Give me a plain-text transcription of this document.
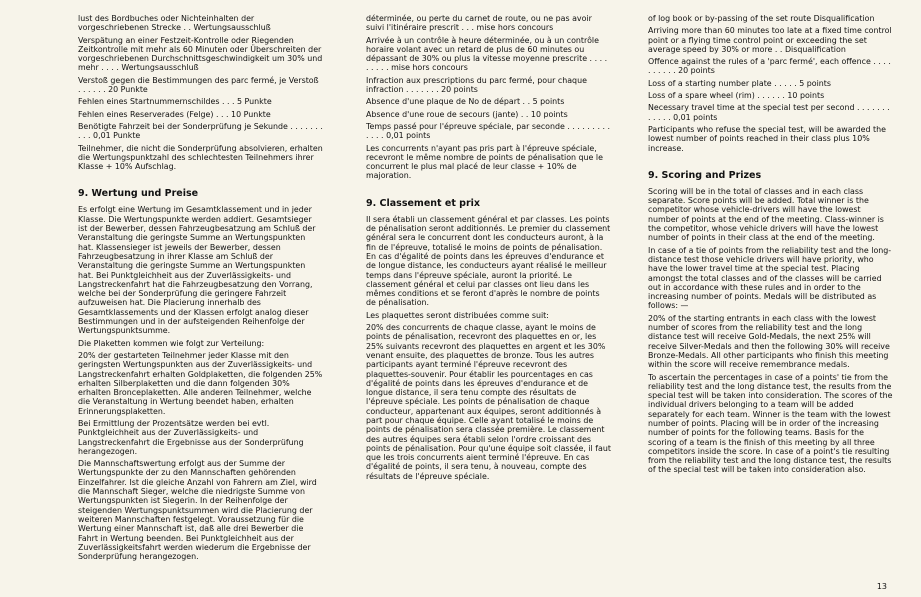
lust des Bordbuches oder Nichteinhalten der vorgeschriebenen Strecke . . Wertungsausschluß

Verspätung an einer Festzeit-Kontrolle oder Riegenden Zeitkontrolle mit mehr als 60 Minuten oder Überschreiten der vorgeschriebenen Durchschnittsgeschwindigkeit um 30% und mehr . . . . Wertungsausschluß

Verstoß gegen die Bestimmungen des parc fermé, je Verstoß . . . . . . 20 Punkte

Fehlen eines Startnummernschildes . . . 5 Punkte

Fehlen eines Reserverades (Felge) . . . 10 Punkte

Benötigte Fahrzeit bei der Sonderprüfung je Sekunde . . . . . . . . . . 0,01 Punkte

Teilnehmer, die nicht die Sonderprüfung absolvieren, erhalten die Wertungspunktzahl des schlechtesten Teilnehmers ihrer Klasse + 10% Aufschlag.

9. Wertung und Preise

Es erfolgt eine Wertung im Gesamtklassement und in jeder Klasse. Die Wertungspunkte werden addiert. Gesamtsieger ist der Bewerber, dessen Fahrzeugbesatzung am Schluß der Veranstaltung die geringste Summe an Wertungspunkten hat. Klassensieger ist jeweils der Bewerber, dessen Fahrzeugbesatzung in ihrer Klasse am Schluß der Veranstaltung die geringste Summe an Wertungspunkten hat. Bei Punktgleichheit aus der Zuverlässigkeits- und Langstreckenfahrt hat die Fahrzeugbesatzung den Vorrang, welche bei der Sonderprüfung die geringere Fahrzeit aufzuweisen hat. Die Placierung innerhalb des Gesamtklassements und der Klassen erfolgt analog dieser Bestimmungen und in der aufsteigenden Reihenfolge der Wertungspunktsumme.

Die Plaketten kommen wie folgt zur Verteilung:

20% der gestarteten Teilnehmer jeder Klasse mit den geringsten Wertungspunkten aus der Zuverlässigkeits- und Langstreckenfahrt erhalten Goldplaketten, die folgenden 25% erhalten Silberplaketten und die dann folgenden 30% erhalten Bronceplaketten. Alle anderen Teilnehmer, welche die Veranstaltung in Wertung beendet haben, erhalten Erinnerungsplaketten.

Bei Ermittlung der Prozentsätze werden bei evtl. Punktgleichheit aus der Zuverlässigkeits- und Langstreckenfahrt die Ergebnisse aus der Sonderprüfung herangezogen.

Die Mannschaftswertung erfolgt aus der Summe der Wertungspunkte der zu den Mannschaften gehörenden Einzelfahrer. Ist die gleiche Anzahl von Fahrern am Ziel, wird die Mannschaft Sieger, welche die niedrigste Summe von Wertungspunkten ist Siegerin. In der Reihenfolge der steigenden Wertungspunktsummen wird die Placierung der weiteren Mannschaften festgelegt. Voraussetzung für die Wertung einer Mannschaft ist, daß alle drei Bewerber die Fahrt in Wertung beenden. Bei Punktgleichheit aus der Zuverlässigkeitsfahrt werden wiederum die Ergebnisse der Sonderprüfung herangezogen.

déterminée, ou perte du carnet de route, ou ne pas avoir suivi l'itinéraire prescrit . . . mise hors concours

Arrivée à un contrôle à heure déterminée, ou à un contrôle horaire volant avec un retard de plus de 60 minutes ou dépassant de 30% ou plus la vitesse moyenne prescrite . . . . . . . . . mise hors concours

Infraction aux prescriptions du parc fermé, pour chaque infraction . . . . . . . 20 points

Absence d'une plaque de No de départ . . 5 points

Absence d'une roue de secours (jante) . . 10 points

Temps passé pour l'épreuve spéciale, par seconde . . . . . . . . . . . . . 0,01 points

Les concurrents n'ayant pas pris part à l'épreuve spéciale, recevront le même nombre de points de pénalisation que le concurrent le plus mal placé de leur classe + 10% de majoration.

9. Classement et prix

Il sera établi un classement général et par classes. Les points de pénalisation seront additionnés. Le premier du classement général sera le concurrent dont les conducteurs auront, à la fin de l'épreuve, totalisé le moins de points de pénalisation. En cas d'égalité de points dans les épreuves d'endurance et de longue distance, les conducteurs ayant réalisé le meilleur temps dans l'épreuve spéciale, auront la priorité. Le classement général et celui par classes ont lieu dans les mêmes conditions et se feront d'après le nombre de points de pénalisation.

Les plaquettes seront distribuées comme suit:

20% des concurrents de chaque classe, ayant le moins de points de pénalisation, recevront des plaquettes en or, les 25% suivants recevront des plaquettes en argent et les 30% venant ensuite, des plaquettes de bronze. Tous les autres participants ayant terminé l'épreuve recevront des plaquettes-souvenir. Pour établir les pourcentages en cas d'égalité de points dans les épreuves d'endurance et de longue distance, il sera tenu compte des résultats de l'épreuve spéciale. Les points de pénalisation de chaque conducteur, appartenant aux équipes, seront additionnés à part pour chaque équipe. Celle ayant totalisé le moins de points de pénalisation sera classée première. Le classement des autres équipes sera établi selon l'ordre croissant des points de pénalisation. Pour qu'une équipe soit classée, il faut que les trois concurrents aient terminé l'épreuve. En cas d'égalité de points, il sera tenu, à nouveau, compte des résultats de l'épreuve spéciale.

of log book or by-passing of the set route Disqualification

Arriving more than 60 minutes too late at a fixed time control point or a flying time control point or exceeding the set average speed by 30% or more . . Disqualification

Offence against the rules of a 'parc fermé', each offence . . . . . . . . . . 20 points

Loss of a starting number plate . . . . . 5 points

Loss of a spare wheel (rim) . . . . . . 10 points

Necessary travel time at the special test per second . . . . . . . . . . . . 0,01 points

Participants who refuse the special test, will be awarded the lowest number of points reached in their class plus 10% increase.

9. Scoring and Prizes

Scoring will be in the total of classes and in each class separate. Score points will be added. Total winner is the competitor whose vehicle-drivers will have the lowest number of points at the end of the meeting. Class-winner is the competitor, whose vehicle drivers will have the lowest number of points in their class at the end of the meeting.

In case of a tie of points from the reliability test and the long-distance test those vehicle drivers will have priority, who have the lower travel time at the special test. Placing amongst the total classes and of the classes will be carried out in accordance with these rules and in order to the increasing number of points. Medals will be distributed as follows: —

20% of the starting entrants in each class with the lowest number of scores from the reliability test and the long distance test will receive Gold-Medals, the next 25% will receive Silver-Medals and then the following 30% will receive Bronze-Medals. All other participants who finish this meeting within the score will receive remembrance medals.

To ascertain the percentages in case of a points' tie from the reliability test and the long distance test, the results from the special test will be taken into consideration. The scores of the individual drivers belonging to a team will be added separately for each team. Winner is the team with the lowest number of points. Placing will be in order of the increasing number of points for the following teams. Basis for the scoring of a team is the finish of this meeting by all three competitors inside the score. In case of a point's tie resulting from the reliability test and the long distance test, the results of the special test will be taken into consideration also.

13
